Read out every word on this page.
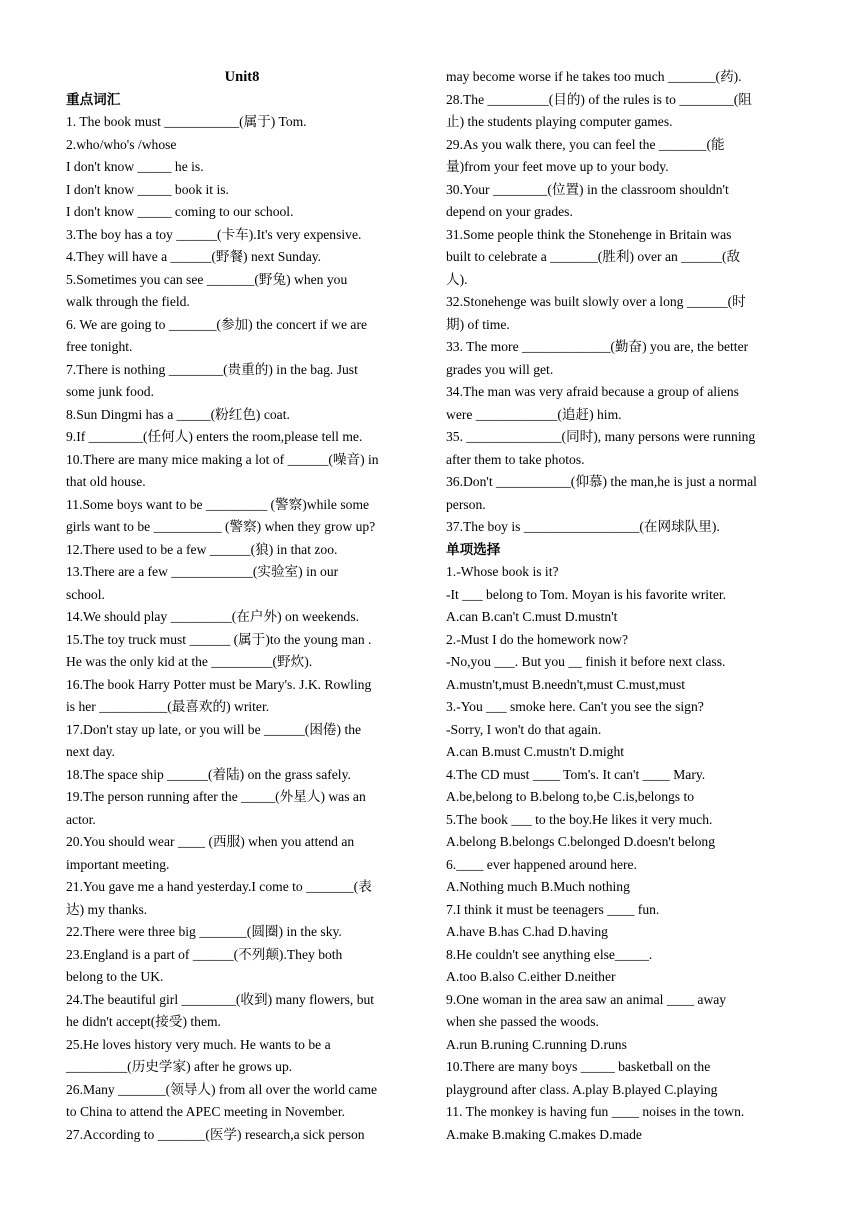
Unit8
重点词汇
1. The book must ___________(属于) Tom.
2.who/who's /whose
I don't know _____ he is.
I don't know _____ book it is.
I don't know _____ coming to our school.
3.The boy has a toy ______(卡车).It's very expensive.
4.They will have a ______(野餐) next Sunday.
5.Sometimes you can see _______(野兔) when you
walk through the field.
6. We are going to _______(参加) the concert if we are
free tonight.
7.There is nothing ________(贵重的) in the bag. Just
some junk food.
8.Sun Dingmi has a _____(粉红色) coat.
9.If ________(任何人) enters the room,please tell me.
10.There are many mice making a lot of ______(噪音) in
that old house.
11.Some boys want to be _________ (警察)while some
girls want to be __________ (警察) when they grow up?
12.There used to be a few ______(狼) in that zoo.
13.There are a few ____________(实验室) in our
school.
14.We should play _________(在户外) on weekends.
15.The toy truck must ______ (属于)to the young man .
He was the only kid at the _________(野炊).
16.The book Harry Potter must be Mary's. J.K. Rowling
is her __________(最喜欢的) writer.
17.Don't stay up late, or you will be ______(困倦) the
next day.
18.The space ship ______(着陆) on the grass safely.
19.The person running after the _____(外星人) was an
actor.
20.You should wear ____ (西服) when you attend an
important meeting.
21.You gave me a hand yesterday.I come to _______(表
达) my thanks.
22.There were three big _______(圆圈) in the sky.
23.England is a part of ______(不列颠).They both
belong to the UK.
24.The beautiful girl ________(收到) many flowers, but
he didn't accept(接受) them.
25.He loves history very much. He wants to be a
_________(历史学家) after he grows up.
26.Many _______(领导人) from all over the world came
to China to attend the APEC meeting in November.
27.According to _______(医学) research,a sick person
may become worse if he takes too much _______(药).
28.The _________(目的) of the rules is to ________(阻
止) the students playing computer games.
29.As you walk there, you can feel the _______(能
量)from your feet move up to your body.
30.Your ________(位置) in the classroom shouldn't
depend on your grades.
31.Some people think the Stonehenge in Britain was
built to celebrate a _______(胜利) over an ______(敌
人).
32.Stonehenge was built slowly over a long ______(时
期) of time.
33. The more _____________(勤奋) you are, the better
grades you will get.
34.The man was very afraid because a group of aliens
were ____________(追赶) him.
35. ______________(同时), many persons were running
after them to take photos.
36.Don't ___________(仰慕) the man,he is just a normal
person.
37.The boy is _________________(在网球队里).
单项选择
1.-Whose book is it?
-It ___ belong to Tom. Moyan is his favorite writer.
A.can B.can't C.must D.mustn't
2.-Must I do the homework now?
-No,you ___. But you __ finish it before next class.
A.mustn't,must B.needn't,must C.must,must
3.-You ___ smoke here. Can't you see the sign?
-Sorry, I won't do that again.
A.can B.must C.mustn't D.might
4.The CD must ____ Tom's. It can't ____ Mary.
A.be,belong to B.belong to,be C.is,belongs to
5.The book ___ to the boy.He likes it very much.
A.belong B.belongs C.belonged D.doesn't belong
6.____ ever happened around here.
A.Nothing much B.Much nothing
7.I think it must be teenagers ____ fun.
A.have B.has C.had D.having
8.He couldn't see anything else_____.
A.too B.also C.either D.neither
9.One woman in the area saw an animal ____ away
when she passed the woods.
A.run B.runing C.running D.runs
10.There are many boys _____ basketball on the
playground after class. A.play B.played C.playing
11. The monkey is having fun ____ noises in the town.
A.make B.making C.makes D.made
